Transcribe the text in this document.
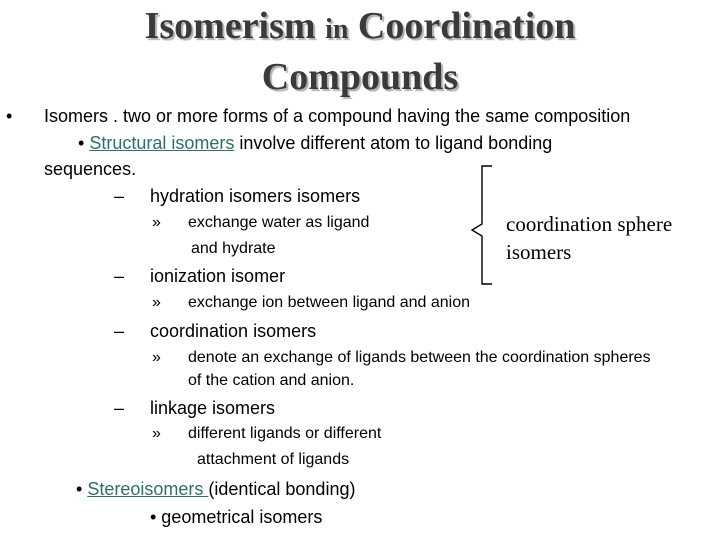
Isomerism in Coordination
Compounds
• Isomers . two or more forms of a compound having the same composition
• Structural isomers involve different atom to ligand bonding
sequences.
– hydration isomers isomers
» exchange water as ligand
and hydrate
– ionization isomer
» exchange ion between ligand and anion
– coordination isomers
» denote an exchange of ligands between the coordination spheres
of the cation and anion.
– linkage isomers
» different ligands or different
attachment of ligands
coordination sphere
isomers
• Stereoisomers (identical bonding)
• geometrical isomers
